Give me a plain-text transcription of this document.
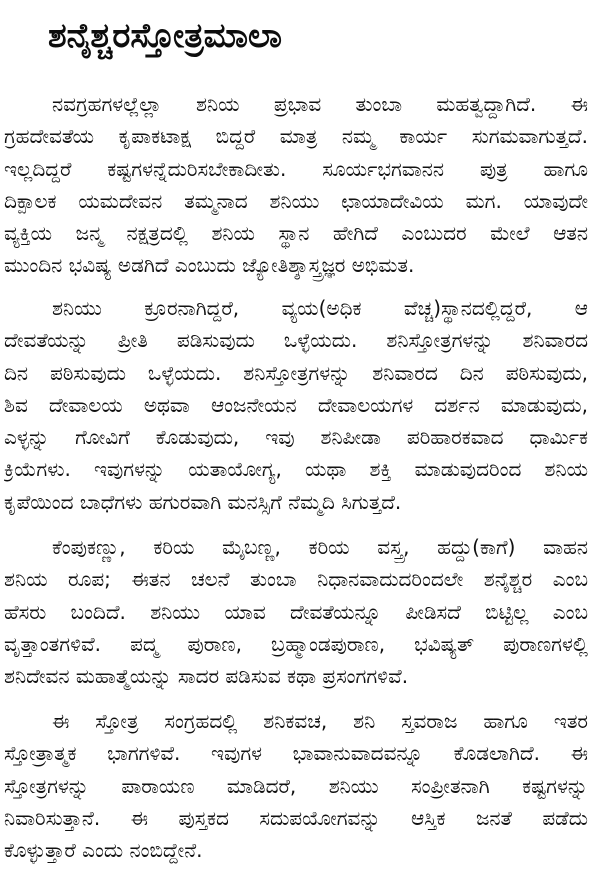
ಶನೈಶ್ಚರಸ್ತೋತ್ರಮಾಲಾ
ನವಗ್ರಹಗಳಲ್ಲೆಲ್ಲಾ ಶನಿಯ ಪ್ರಭಾವ ತುಂಬಾ ಮಹತ್ವದ್ದಾಗಿದೆ. ಈ
ಗ್ರಹದೇವತೆಯ ಕೃಪಾಕಟಾಕ್ಷ ಬಿದ್ದರೆ ಮಾತ್ರ ನಮ್ಮ ಕಾರ್ಯ ಸುಗಮವಾಗುತ್ತದೆ.
ಇಲ್ಲದಿದ್ದರೆ ಕಷ್ಟಗಳನ್ನೆದುರಿಸಬೇಕಾದೀತು. ಸೂರ್ಯಭಗವಾನನ ಪುತ್ರ ಹಾಗೂ
ದಿಕ್ಪಾಲಕ ಯಮದೇವನ ತಮ್ಮನಾದ ಶನಿಯು ಛಾಯಾದೇವಿಯ ಮಗ. ಯಾವುದೇ
ವ್ಯಕ್ತಿಯ ಜನ್ಮ ನಕ್ಷತ್ರದಲ್ಲಿ ಶನಿಯ ಸ್ಥಾನ ಹೇಗಿದೆ ಎಂಬುದರ ಮೇಲೆ ಆತನ
ಮುಂದಿನ ಭವಿಷ್ಯ ಅಡಗಿದೆ ಎಂಬುದು ಜ್ಯೋತಿಶ್ಶಾಸ್ತ್ರಜ್ಞರ ಅಭಿಮತ.
ಶನಿಯು ಕ್ರೂರನಾಗಿದ್ದರೆ, ವ್ಯಯ(ಅಧಿಕ ವೆಚ್ಚ)ಸ್ಥಾನದಲ್ಲಿದ್ದರೆ, ಆ
ದೇವತೆಯನ್ನು ಪ್ರೀತಿ ಪಡಿಸುವುದು ಒಳ್ಳೆಯದು. ಶನಿಸ್ತೋತ್ರಗಳನ್ನು ಶನಿವಾರದ
ದಿನ ಪಠಿಸುವುದು ಒಳ್ಳೆಯದು. ಶನಿಸ್ತೋತ್ರಗಳನ್ನು ಶನಿವಾರದ ದಿನ ಪಠಿಸುವುದು,
ಶಿವ ದೇವಾಲಯ ಅಥವಾ ಆಂಜನೇಯನ ದೇವಾಲಯಗಳ ದರ್ಶನ ಮಾಡುವುದು,
ಎಳ್ಳನ್ನು ಗೋವಿಗೆ ಕೊಡುವುದು, ಇವು ಶನಿಪೀಡಾ ಪರಿಹಾರಕವಾದ ಧಾರ್ಮಿಕ
ಕ್ರಿಯೆಗಳು. ಇವುಗಳನ್ನು ಯತಾಯೋಗ್ಯ, ಯಥಾ ಶಕ್ತಿ ಮಾಡುವುದರಿಂದ ಶನಿಯ
ಕೃಪೆಯಿಂದ ಬಾಧೆಗಳು ಹಗುರವಾಗಿ ಮನಸ್ಸಿಗೆ ನೆಮ್ಮದಿ ಸಿಗುತ್ತದೆ.
ಕೆಂಪುಕಣ್ಣು, ಕರಿಯ ಮೈಬಣ್ಣ, ಕರಿಯ ವಸ್ತ್ರ, ಹದ್ದು(ಕಾಗೆ) ವಾಹನ
ಶನಿಯ ರೂಪ; ಈತನ ಚಲನೆ ತುಂಬಾ ನಿಧಾನವಾದುದರಿಂದಲೇ ಶನೈಶ್ಚರ ಎಂಬ
ಹೆಸರು ಬಂದಿದೆ. ಶನಿಯು ಯಾವ ದೇವತೆಯನ್ನೂ ಪೀಡಿಸದೆ ಬಿಟ್ಟಿಲ್ಲ ಎಂಬ
ವೃತ್ತಾಂತಗಳಿವೆ. ಪದ್ಮ ಪುರಾಣ, ಬ್ರಹ್ಮಾಂಡಪುರಾಣ, ಭವಿಷ್ಯತ್ ಪುರಾಣಗಳಲ್ಲಿ
ಶನಿದೇವನ ಮಹಾತ್ಮೆಯನ್ನು ಸಾದರ ಪಡಿಸುವ ಕಥಾ ಪ್ರಸಂಗಗಳಿವೆ.
ಈ ಸ್ತೋತ್ರ ಸಂಗ್ರಹದಲ್ಲಿ ಶನಿಕವಚ, ಶನಿ ಸ್ತವರಾಜ ಹಾಗೂ ಇತರ
ಸ್ತೋತ್ರಾತ್ಮಕ ಭಾಗಗಳಿವೆ. ಇವುಗಳ ಭಾವಾನುವಾದವನ್ನೂ ಕೊಡಲಾಗಿದೆ. ಈ
ಸ್ತೋತ್ರಗಳನ್ನು ಪಾರಾಯಣ ಮಾಡಿದರೆ, ಶನಿಯು ಸಂಪ್ರೀತನಾಗಿ ಕಷ್ಟಗಳನ್ನು
ನಿವಾರಿಸುತ್ತಾನೆ. ಈ ಪುಸ್ತಕದ ಸದುಪಯೋಗವನ್ನು ಆಸ್ತಿಕ ಜನತೆ ಪಡೆದು
ಕೊಳ್ಳುತ್ತಾರೆ ಎಂದು ನಂಬಿದ್ದೇನೆ.
